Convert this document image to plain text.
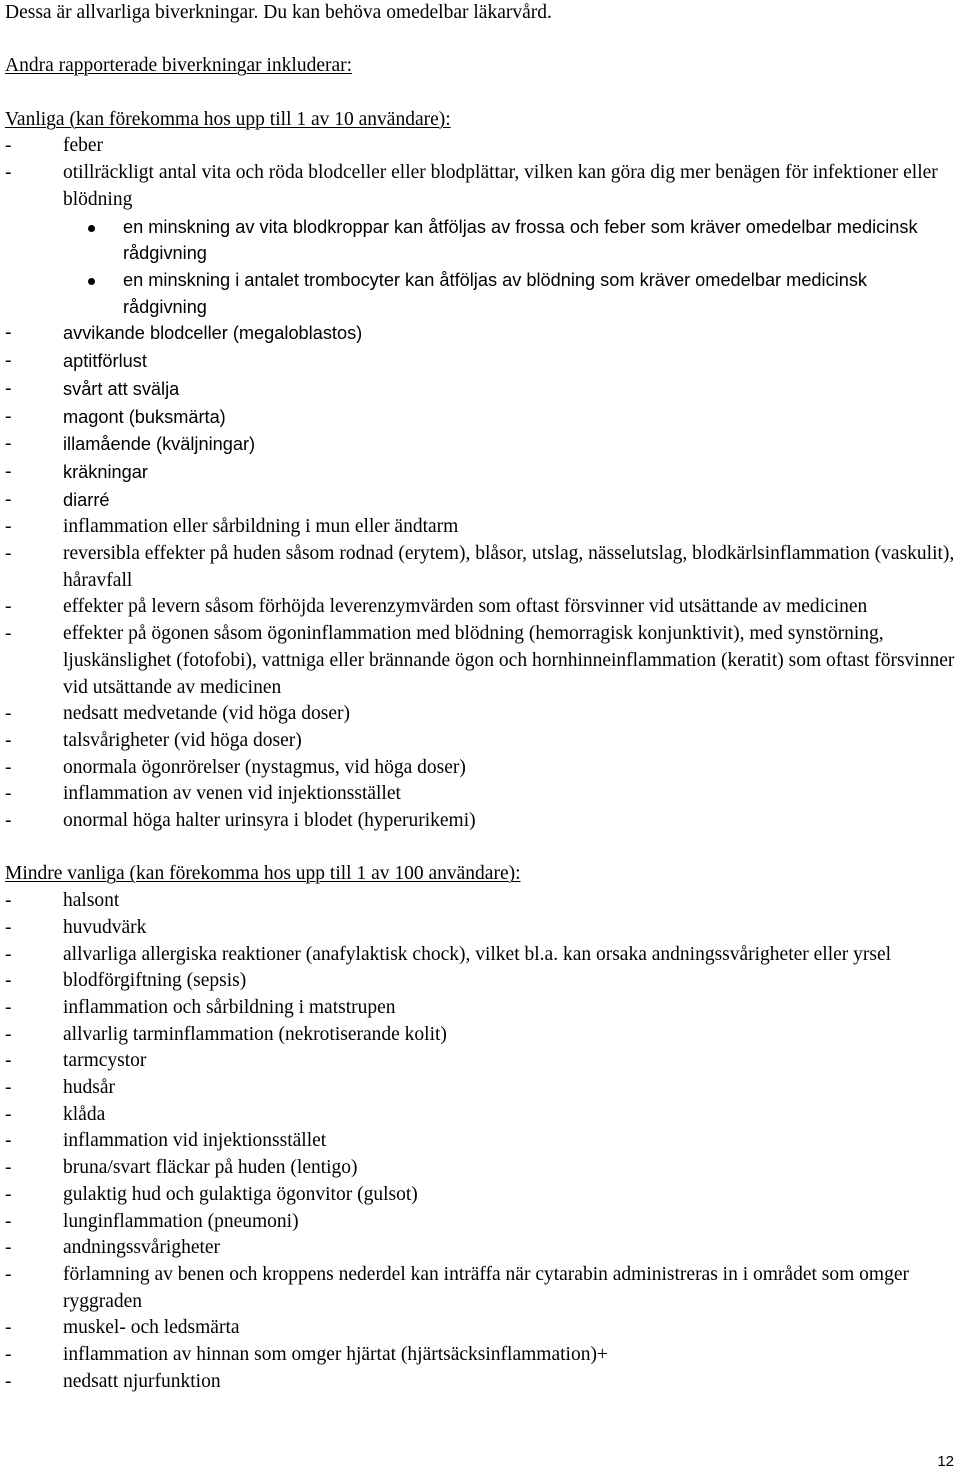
Dessa är allvarliga biverkningar. Du kan behöva omedelbar läkarvård.

Andra rapporterade biverkningar inkluderar:

Vanliga (kan förekomma hos upp till 1 av 10 användare):

-	feber
-	otillräckligt antal vita och röda blodceller eller blodplättar, vilken kan göra dig mer benägen för infektioner eller blödning
en minskning av vita blodkroppar kan åtföljas av frossa och feber som kräver omedelbar medicinsk rådgivning
en minskning i antalet trombocyter kan åtföljas av blödning som kräver omedelbar medicinsk rådgivning
-	avvikande blodceller (megaloblastos)
-	aptitförlust
-	svårt att svälja
-	magont (buksmärta)
-	illamående (kväljningar)
-	kräkningar
-	diarré
-	inflammation eller sårbildning i mun eller ändtarm
-	reversibla effekter på huden såsom rodnad (erytem), blåsor, utslag, nässelutslag, blodkärlsinflammation (vaskulit), håravfall
-	effekter på levern såsom förhöjda leverenzymvärden som oftast försvinner vid utsättande av medicinen
-	effekter på ögonen såsom ögoninflammation med blödning (hemorragisk konjunktivit), med synstörning, ljuskänslighet (fotofobi), vattniga eller brännande ögon och hornhinneinflammation (keratit) som oftast försvinner vid utsättande av medicinen
-	nedsatt medvetande (vid höga doser)
-	talsvårigheter (vid höga doser)
-	onormala ögonrörelser (nystagmus, vid höga doser)
-	inflammation av venen vid injektionsstället
-	onormal höga halter urinsyra i blodet (hyperurikemi)

Mindre vanliga (kan förekomma hos upp till 1 av 100 användare):

-	halsont
-	huvudvärk
-	allvarliga allergiska reaktioner (anafylaktisk chock), vilket bl.a. kan orsaka andningssvårigheter eller yrsel
-	blodförgiftning (sepsis)
-	inflammation och sårbildning i matstrupen
-	allvarlig tarminflammation (nekrotiserande kolit)
-	tarmcystor
-	hudsår
-	klåda
-	inflammation vid injektionsstället
-	bruna/svart fläckar på huden (lentigo)
-	gulaktig hud och gulaktiga ögonvitor (gulsot)
-	lunginflammation (pneumoni)
-	andningssvårigheter
-	förlamning av benen och kroppens nederdel kan inträffa när cytarabin administreras in i området som omger ryggraden
-	muskel- och ledsmärta
-	inflammation av hinnan som omger hjärtat (hjärtsäcksinflammation)+
-	nedsatt njurfunktion
12
